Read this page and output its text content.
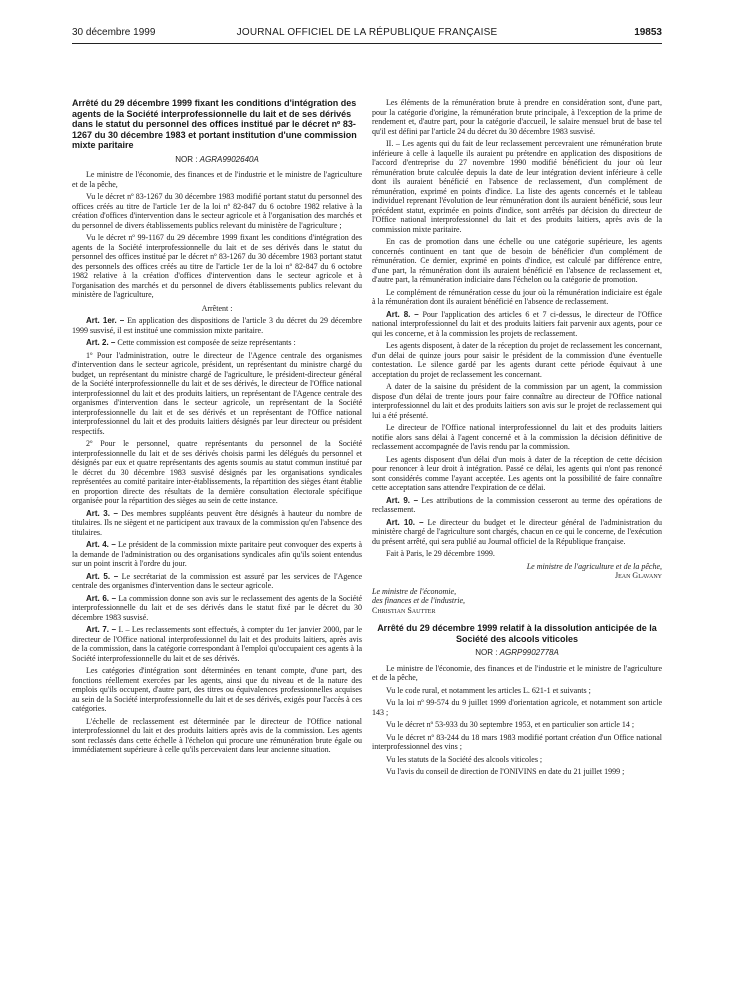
30 décembre 1999	JOURNAL OFFICIEL DE LA RÉPUBLIQUE FRANÇAISE	19853
Arrêté du 29 décembre 1999 fixant les conditions d'intégration des agents de la Société interprofessionnelle du lait et de ses dérivés dans le statut du personnel des offices institué par le décret nº 83-1267 du 30 décembre 1983 et portant institution d'une commission mixte paritaire
NOR : AGRA9902640A

Le ministre de l'économie, des finances et de l'industrie et le ministre de l'agriculture et de la pêche,

Vu le décret nº 83-1267 du 30 décembre 1983 modifié portant statut du personnel des offices créés au titre de l'article 1er de la loi nº 82-847 du 6 octobre 1982 relative à la création d'offices d'intervention dans le secteur agricole et à l'organisation des marchés et du personnel de divers établissements publics relevant du ministère de l'agriculture ;

Vu le décret nº 99-1167 du 29 décembre 1999 fixant les conditions d'intégration des agents de la Société interprofessionnelle du lait et de ses dérivés dans le statut du personnel des offices institué par le décret nº 83-1267 du 30 décembre 1983 portant statut des personnels des offices créés au titre de l'article 1er de la loi nº 82-847 du 6 octobre 1982 relative à la création d'offices d'intervention dans le secteur agricole et à l'organisation des marchés et du personnel de divers établissements publics relevant du ministère de l'agriculture,

Arrêtent :

Art. 1er. – En application des dispositions de l'article 3 du décret du 29 décembre 1999 susvisé, il est institué une commission mixte paritaire.

Art. 2. – Cette commission est composée de seize représentants :

1º Pour l'administration, outre le directeur de l'Agence centrale des organismes d'intervention dans le secteur agricole, président, un représentant du ministre chargé du budget, un représentant du ministre chargé de l'agriculture, le président-directeur général de la Société interprofessionnelle du lait et de ses dérivés, le directeur de l'Office national interprofessionnel du lait et des produits laitiers, un représentant de l'Agence centrale des organismes d'intervention dans le secteur agricole, un représentant de la Société interprofessionnelle du lait et de ses dérivés et un représentant de l'Office national interprofessionnel du lait et des produits laitiers désignés par leur directeur ou président respectifs.

2º Pour le personnel, quatre représentants du personnel de la Société interprofessionnelle du lait et de ses dérivés choisis parmi les délégués du personnel et désignés par eux et quatre représentants des agents soumis au statut commun institué par le décret du 30 décembre 1983 susvisé désignés par les organisations syndicales représentées au comité paritaire inter-établissements, la répartition des sièges étant établie en proportion directe des résultats de la dernière consultation électorale spécifique organisée pour la répartition des sièges au sein de cette instance.

Art. 3. – Des membres suppléants peuvent être désignés à hauteur du nombre de titulaires. Ils ne siègent et ne participent aux travaux de la commission qu'en l'absence des titulaires.

Art. 4. – Le président de la commission mixte paritaire peut convoquer des experts à la demande de l'administration ou des organisations syndicales afin qu'ils soient entendus sur un point inscrit à l'ordre du jour.

Art. 5. – Le secrétariat de la commission est assuré par les services de l'Agence centrale des organismes d'intervention dans le secteur agricole.

Art. 6. – La commission donne son avis sur le reclassement des agents de la Société interprofessionnelle du lait et de ses dérivés dans le statut fixé par le décret du 30 décembre 1983 susvisé.

Art. 7. – I. – Les reclassements sont effectués, à compter du 1er janvier 2000, par le directeur de l'Office national interprofessionnel du lait et des produits laitiers, après avis de la commission, dans la catégorie correspondant à l'emploi qu'occupaient ces agents à la Société interprofessionnelle du lait et de ses dérivés.

Les catégories d'intégration sont déterminées en tenant compte, d'une part, des fonctions réellement exercées par les agents, ainsi que du niveau et de la nature des emplois qu'ils occupent, d'autre part, des titres ou équivalences professionnelles acquises au sein de la Société interprofessionnelle du lait et de ses dérivés, exigés pour l'accès à ces catégories.

L'échelle de reclassement est déterminée par le directeur de l'Office national interprofessionnel du lait et des produits laitiers après avis de la commission. Les agents sont reclassés dans cette échelle à l'échelon qui procure une rémunération brute égale ou immédiatement supérieure à celle qu'ils percevaient dans leur ancienne situation.

Les éléments de la rémunération brute à prendre en considération sont, d'une part, pour la catégorie d'origine, la rémunération brute principale, à l'exception de la prime de rendement et, d'autre part, pour la catégorie d'accueil, le salaire mensuel brut de base tel qu'il est défini par l'article 24 du décret du 30 décembre 1983 susvisé.

II. – Les agents qui du fait de leur reclassement percevraient une rémunération brute inférieure à celle à laquelle ils auraient pu prétendre en application des dispositions de l'accord d'entreprise du 27 novembre 1990 modifié bénéficient du jour où leur rémunération brute calculée depuis la date de leur intégration devient inférieure à celle dont ils auraient bénéficié en l'absence de reclassement, d'un complément de rémunération, exprimé en points d'indice. La liste des agents concernés et le tableau individuel reprenant l'évolution de leur rémunération dont ils auraient bénéficié, sous leur précédent statut, exprimée en points d'indice, sont arrêtés par décision du directeur de l'Office national interprofessionnel du lait et des produits laitiers, après avis de la commission mixte paritaire.

En cas de promotion dans une échelle ou une catégorie supérieure, les agents concernés continuent en tant que de besoin de bénéficier d'un complément de rémunération. Ce dernier, exprimé en points d'indice, est calculé par différence entre, d'une part, la rémunération dont ils auraient bénéficié en l'absence de reclassement et, d'autre part, la rémunération indiciaire dans l'échelon ou la catégorie de promotion.

Le complément de rémunération cesse du jour où la rémunération indiciaire est égale à la rémunération dont ils auraient bénéficié en l'absence de reclassement.

Art. 8. – Pour l'application des articles 6 et 7 ci-dessus, le directeur de l'Office national interprofessionnel du lait et des produits laitiers fait parvenir aux agents, pour ce qui les concerne, et à la commission les projets de reclassement.

Les agents disposent, à dater de la réception du projet de reclassement les concernant, d'un délai de quinze jours pour saisir le président de la commission d'une éventuelle contestation. Le silence gardé par les agents durant cette période équivaut à une acceptation du projet de reclassement les concernant.

A dater de la saisine du président de la commission par un agent, la commission dispose d'un délai de trente jours pour faire connaître au directeur de l'Office national interprofessionnel du lait et des produits laitiers son avis sur le projet de reclassement qui lui a été présenté.

Le directeur de l'Office national interprofessionnel du lait et des produits laitiers notifie alors sans délai à l'agent concerné et à la commission la décision définitive de reclassement accompagnée de l'avis rendu par la commission.

Les agents disposent d'un délai d'un mois à dater de la réception de cette décision pour renoncer à leur droit à intégration. Passé ce délai, les agents qui n'ont pas renoncé sont considérés comme l'ayant acceptée. Les agents ont la possibilité de faire connaître cette acceptation sans attendre l'expiration de ce délai.

Art. 9. – Les attributions de la commission cesseront au terme des opérations de reclassement.

Art. 10. – Le directeur du budget et le directeur général de l'administration du ministère chargé de l'agriculture sont chargés, chacun en ce qui le concerne, de l'exécution du présent arrêté, qui sera publié au Journal officiel de la République française.

Fait à Paris, le 29 décembre 1999.

Le ministre de l'agriculture et de la pêche,
Jean Glavany
Le ministre de l'économie,
des finances et de l'industrie,
Christian Sautter
Arrêté du 29 décembre 1999 relatif à la dissolution anticipée de la Société des alcools viticoles
NOR : AGRP9902778A

Le ministre de l'économie, des finances et de l'industrie et le ministre de l'agriculture et de la pêche,

Vu le code rural, et notamment les articles L. 621-1 et suivants ;

Vu la loi nº 99-574 du 9 juillet 1999 d'orientation agricole, et notamment son article 143 ;

Vu le décret nº 53-933 du 30 septembre 1953, et en particulier son article 14 ;

Vu le décret nº 83-244 du 18 mars 1983 modifié portant création d'un Office national interprofessionnel des vins ;

Vu les statuts de la Société des alcools viticoles ;

Vu l'avis du conseil de direction de l'ONIVINS en date du 21 juillet 1999 ;
